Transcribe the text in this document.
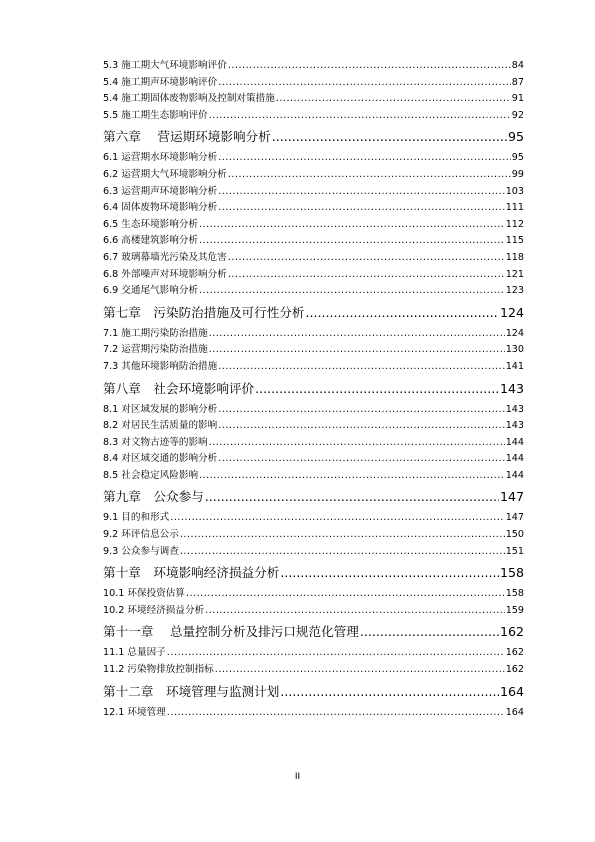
5.3 施工期大气环境影响评价 .....	84
5.4 施工期声环境影响评价 .....	87
5.4 施工期固体废物影响及控制对策措施 .....	91
5.5 施工期生态影响评价 .....	92
第六章　 营运期环境影响分析 .....	95
6.1 运营期水环境影响分析 .....	95
6.2 运营期大气环境影响分析 .....	99
6.3 运营期声环境影响分析 .....	103
6.4 固体废物环境影响分析 .....	111
6.5 生态环境影响分析 .....	112
6.6 高楼建筑影响分析 .....	115
6.7 玻璃幕墙光污染及其危害 .....	118
6.8 外部噪声对环境影响分析 .....	121
6.9 交通尾气影响分析 .....	123
第七章　污染防治措施及可行性分析 .....	124
7.1 施工期污染防治措施 .....	124
7.2 运营期污染防治措施 .....	130
7.3 其他环境影响防治措施 .....	141
第八章　社会环境影响评价 .....	143
8.1 对区域发展的影响分析 .....	143
8.2 对居民生活质量的影响 .....	143
8.3 对文物古迹等的影响 .....	144
8.4 对区域交通的影响分析 .....	144
8.5 社会稳定风险影响 .....	144
第九章　公众参与 .....	147
9.1 目的和形式 .....	147
9.2 环评信息公示 .....	150
9.3 公众参与调查 .....	151
第十章　环境影响经济损益分析 .....	158
10.1 环保投资估算 .....	158
10.2 环境经济损益分析 .....	159
第十一章　 总量控制分析及排污口规范化管理 .....	162
11.1 总量因子 .....	162
11.2 污染物排放控制指标 .....	162
第十二章　环境管理与监测计划 .....	164
12.1 环境管理 .....	164
II
